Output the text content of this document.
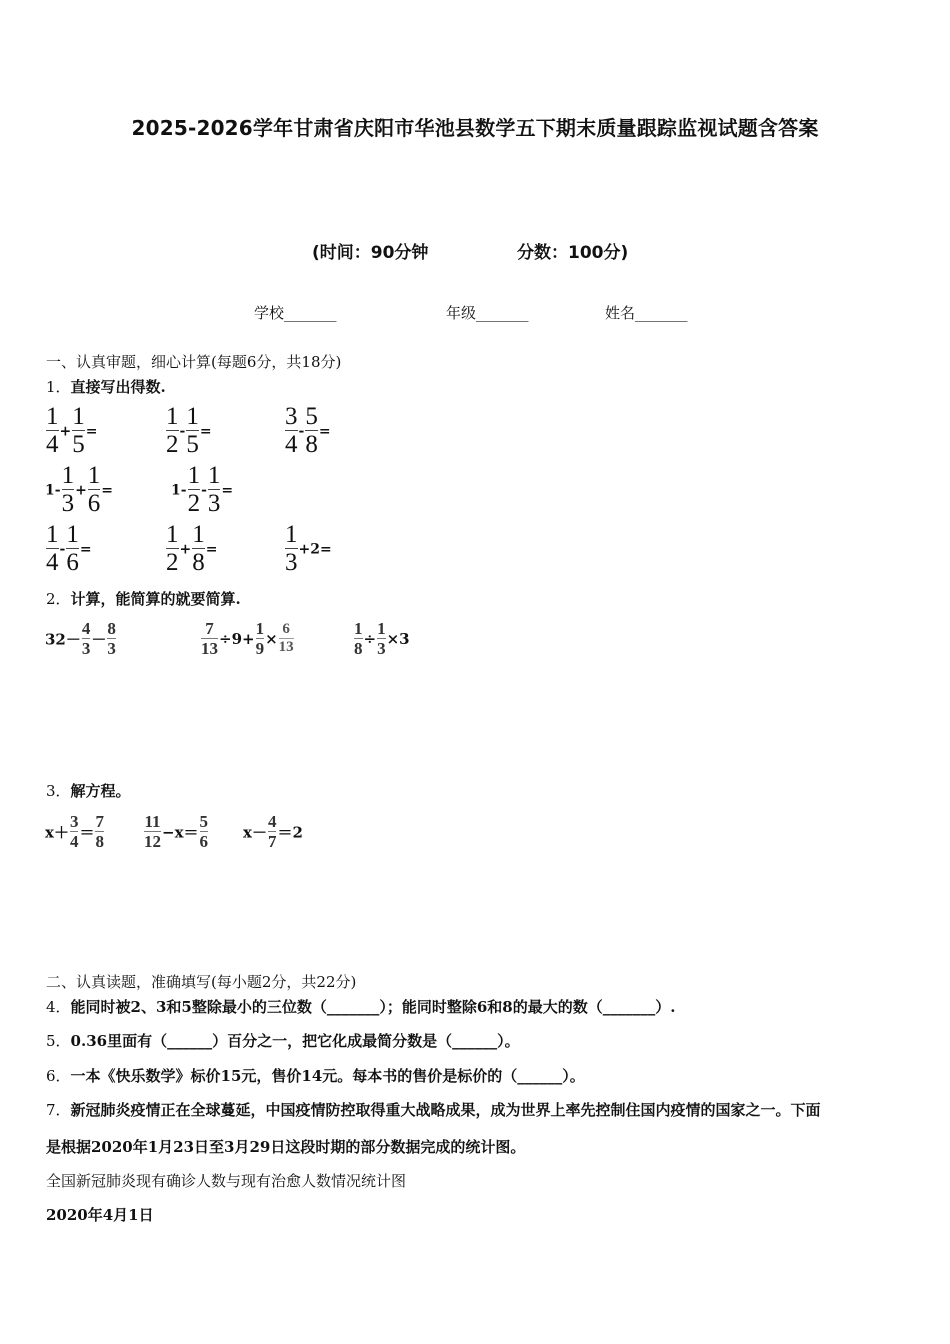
2025-2026学年甘肃省庆阳市华池县数学五下期末质量跟踪监视试题含答案
(时间：90分钟	分数：100分)
学校_______	年级_______	姓名_______
一、认真审题，细心计算(每题6分，共18分)
1．直接写出得数.
$\frac{1}{4} + \frac{1}{5}$ =	$\frac{1}{2} - \frac{1}{5}$ =	$\frac{3}{4} - \frac{5}{8}$ =
$1- \frac{1}{3} + \frac{1}{6}$ =	$1- \frac{1}{2} - \frac{1}{3}$ =
$\frac{1}{4} - \frac{1}{6}$ =	$\frac{1}{2} + \frac{1}{8}$ =	$\frac{1}{3} +2=$
2．计算，能简算的就要简算.
$32- \frac{4}{3} - \frac{8}{3}$	$\frac{7}{13} \div 9+ \frac{1}{9} \times \frac{6}{13}$	$\frac{1}{8} \div \frac{1}{3} \times 3$
3．解方程。
$x+ \frac{3}{4} = \frac{7}{8} \frac{11}{12} -x= \frac{5}{6} x- \frac{4}{7} =2$
二、认真读题，准确填写(每小题2分，共22分)
4．能同时被2、3和5整除最小的三位数（_______）；能同时整除6和8的最大的数（_______）.
5．0.36里面有（______）百分之一，把它化成最简分数是（______）。
6．一本《快乐数学》标价15元，售价14元。每本书的售价是标价的（______）。
7．新冠肺炎疫情正在全球蔓延，中国疫情防控取得重大战略成果，成为世界上率先控制住国内疫情的国家之一。下面
是根据2020年1月23日至3月29日这段时期的部分数据完成的统计图。
全国新冠肺炎现有确诊人数与现有治愈人数情况统计图
2020年4月1日
